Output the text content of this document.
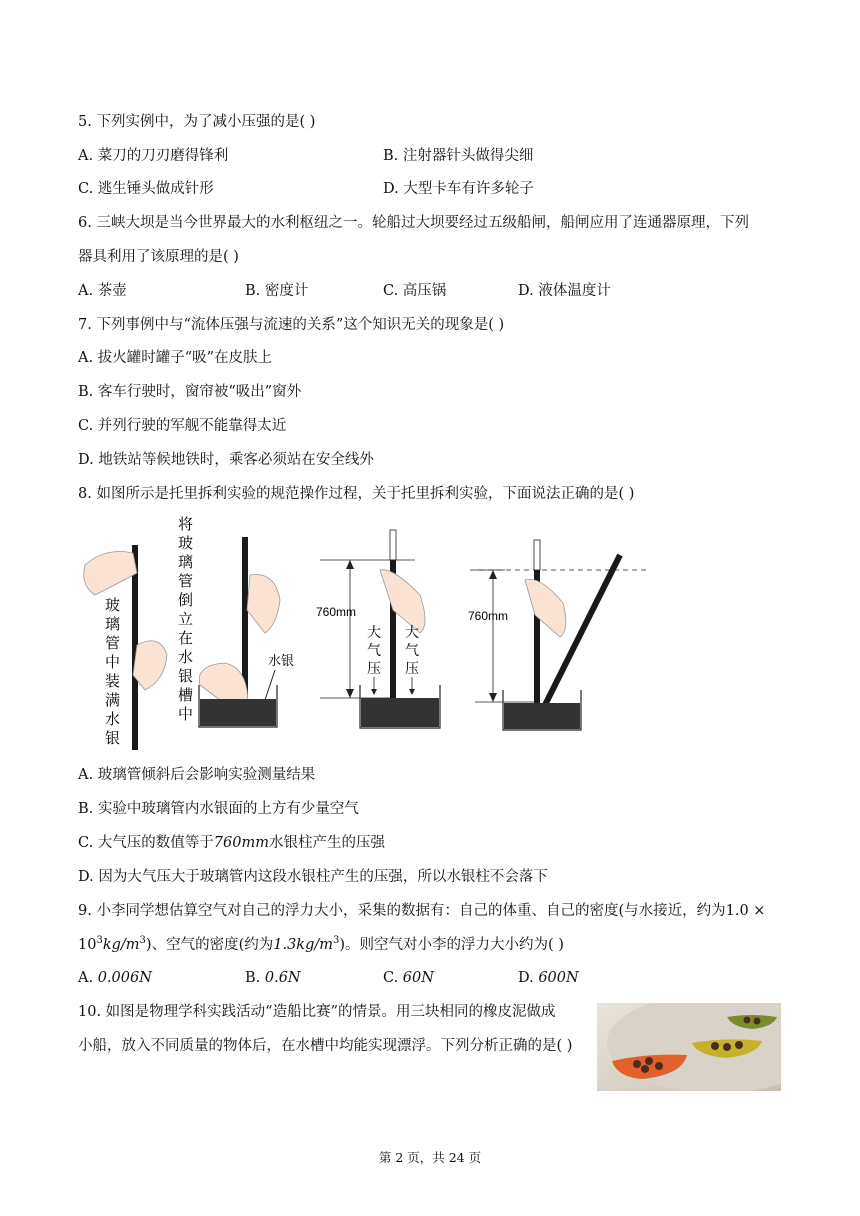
5. 下列实例中，为了减小压强的是( )
A. 菜刀的刀刃磨得锋利	B. 注射器针头做得尖细
C. 逃生锤头做成针形	D. 大型卡车有许多轮子
6. 三峡大坝是当今世界最大的水利枢纽之一。轮船过大坝要经过五级船闸，船闸应用了连通器原理，下列
器具利用了该原理的是( )
A. 茶壶	B. 密度计	C. 高压锅	D. 液体温度计
7. 下列事例中与“流体压强与流速的关系”这个知识无关的现象是( )
A. 拔火罐时罐子“吸”在皮肤上
B. 客车行驶时，窗帘被“吸出”窗外
C. 并列行驶的军舰不能靠得太近
D. 地铁站等候地铁时，乘客必须站在安全线外
8. 如图所示是托里拆利实验的规范操作过程，关于托里拆利实验，下面说法正确的是( )
玻
璃
管
中
装
满
水
银
将
玻
璃
管
倒
立
在
水
银
槽
中
水银
760mm
大
气
压
大
气
压
760mm
A. 玻璃管倾斜后会影响实验测量结果
B. 实验中玻璃管内水银面的上方有少量空气
C. 大气压的数值等于760mm水银柱产生的压强
D. 因为大气压大于玻璃管内这段水银柱产生的压强，所以水银柱不会落下
9. 小李同学想估算空气对自己的浮力大小，采集的数据有：自己的体重、自己的密度(与水接近，约为1.0 ×
$10^3kg/m^3$)、空气的密度(约为$1.3kg/m^3$)。则空气对小李的浮力大小约为( )
A. 0.006N	B. 0.6N	C. 60N	D. 600N
10. 如图是物理学科实践活动“造船比赛”的情景。用三块相同的橡皮泥做成
小船，放入不同质量的物体后，在水槽中均能实现漂浮。下列分析正确的是( )
第 2 页，共 24 页
